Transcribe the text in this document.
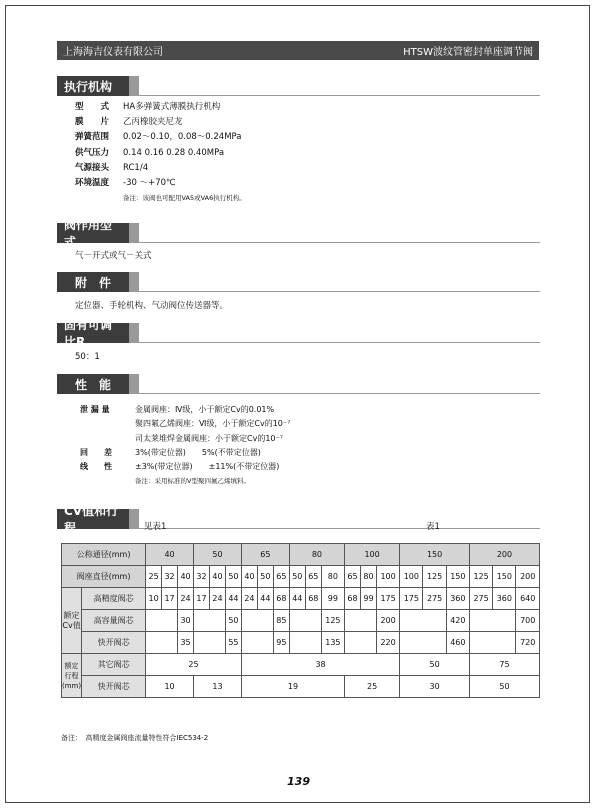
上海海吉仪表有限公司	HTSW波纹管密封单座调节阀
执行机构
型　　式	HA多弹簧式薄膜执行机构
膜　　片	乙丙橡胶夹尼龙
弹簧范围	0.02～0.10，0.08～0.24MPa
供气压力	0.14 0.16 0.28 0.40MPa
气源接头	RC1/4
环境温度	-30 ～+70℃
备注：该阀也可配用VA5或VA6执行机构。
阀作用型式
气－开式或气－关式
附　件
定位器、手轮机构、气动阀位传送器等。
固有可调比R
50：1
性　能
泄 漏 量	金属阀座：Ⅳ级，小于额定Cv的0.01%
聚四氟乙烯阀座：Ⅵ级，小于额定Cv的10⁻⁷
司太莱堆焊金属阀座：小于额定Cv的10⁻⁷
回　　差	3%(带定位器)　　5%(不带定位器)
线　　性	±3%(带定位器)　　±11%(不带定位器)
备注：采用标准的V型聚四氟乙烯填料。
CV值和行程	见表1	表1
公称通径(mm)		40			50			65			80			100			150			200		
阀座直径(mm)		25	32	40	32	40	50	40	50	65	50	65	80	65	80	100	100	125	150	125	150	200
额定Cv值	高精度阀芯	10	17	24	17	24	44	24	44	68	44	68	99	68	99	175	175	275	360	275	360	640
	高容量阀芯			30			50			85			125			200			420			700
	快开阀芯			35			55			95			135			220			460			720
额定行程(mm)	其它阀芯	25						38									50			75		
	快开阀芯	10			13			19						25			30			50		
备注：　高精度金属阀座流量特性符合IEC534-2
139
